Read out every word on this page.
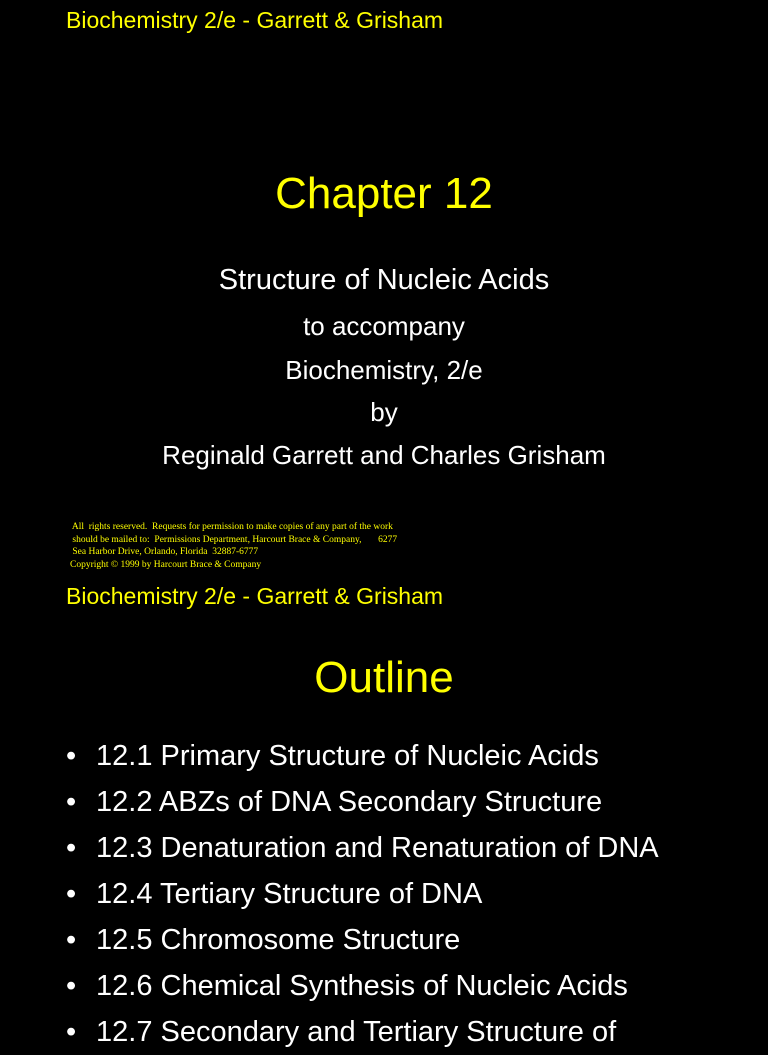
Biochemistry 2/e - Garrett & Grisham

Chapter 12

Structure of Nucleic Acids

to accompany

Biochemistry, 2/e

by

Reginald Garrett and Charles Grisham

All  rights reserved.  Requests for permission to make copies of any part of the work
should be mailed to:  Permissions Department, Harcourt Brace & Company,       6277
Sea Harbor Drive, Orlando, Florida  32887-6777
Copyright © 1999 by Harcourt Brace & Company

Biochemistry 2/e - Garrett & Grisham

Outline
• 12.1 Primary Structure of Nucleic Acids
• 12.2 ABZs of DNA Secondary Structure
• 12.3 Denaturation and Renaturation of DNA
• 12.4 Tertiary Structure of DNA
• 12.5 Chromosome Structure
• 12.6 Chemical Synthesis of Nucleic Acids
• 12.7 Secondary and Tertiary Structure of
